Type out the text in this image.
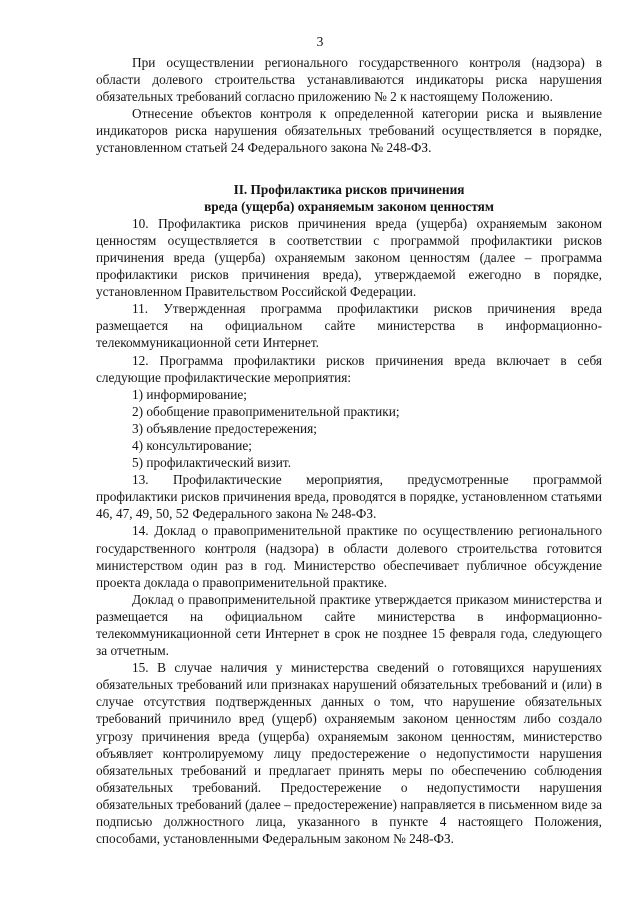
3

При осуществлении регионального государственного контроля (надзора) в области долевого строительства устанавливаются индикаторы риска нарушения обязательных требований согласно приложению № 2 к настоящему Положению.

Отнесение объектов контроля к определенной категории риска и выявление индикаторов риска нарушения обязательных требований осуществляется в порядке, установленном статьей 24 Федерального закона № 248-ФЗ.

II. Профилактика рисков причинения
вреда (ущерба) охраняемым законом ценностям

10. Профилактика рисков причинения вреда (ущерба) охраняемым законом ценностям осуществляется в соответствии с программой профилактики рисков причинения вреда (ущерба) охраняемым законом ценностям (далее – программа профилактики рисков причинения вреда), утверждаемой ежегодно в порядке, установленном Правительством Российской Федерации.

11. Утвержденная программа профилактики рисков причинения вреда размещается на официальном сайте министерства в информационно-телекоммуникационной сети Интернет.

12. Программа профилактики рисков причинения вреда включает в себя следующие профилактические мероприятия:

1) информирование;

2) обобщение правоприменительной практики;

3) объявление предостережения;

4) консультирование;

5) профилактический визит.

13. Профилактические мероприятия, предусмотренные программой профилактики рисков причинения вреда, проводятся в порядке, установленном статьями 46, 47, 49, 50, 52 Федерального закона № 248-ФЗ.

14. Доклад о правоприменительной практике по осуществлению регионального государственного контроля (надзора) в области долевого строительства готовится министерством один раз в год. Министерство обеспечивает публичное обсуждение проекта доклада о правоприменительной практике.

Доклад о правоприменительной практике утверждается приказом министерства и размещается на официальном сайте министерства в информационно-телекоммуникационной сети Интернет в срок не позднее 15 февраля года, следующего за отчетным.

15. В случае наличия у министерства сведений о готовящихся нарушениях обязательных требований или признаках нарушений обязательных требований и (или) в случае отсутствия подтвержденных данных о том, что нарушение обязательных требований причинило вред (ущерб) охраняемым законом ценностям либо создало угрозу причинения вреда (ущерба) охраняемым законом ценностям, министерство объявляет контролируемому лицу предостережение о недопустимости нарушения обязательных требований и предлагает принять меры по обеспечению соблюдения обязательных требований. Предостережение о недопустимости нарушения обязательных требований (далее – предостережение) направляется в письменном виде за подписью должностного лица, указанного в пункте 4 настоящего Положения, способами, установленными Федеральным законом № 248-ФЗ.
